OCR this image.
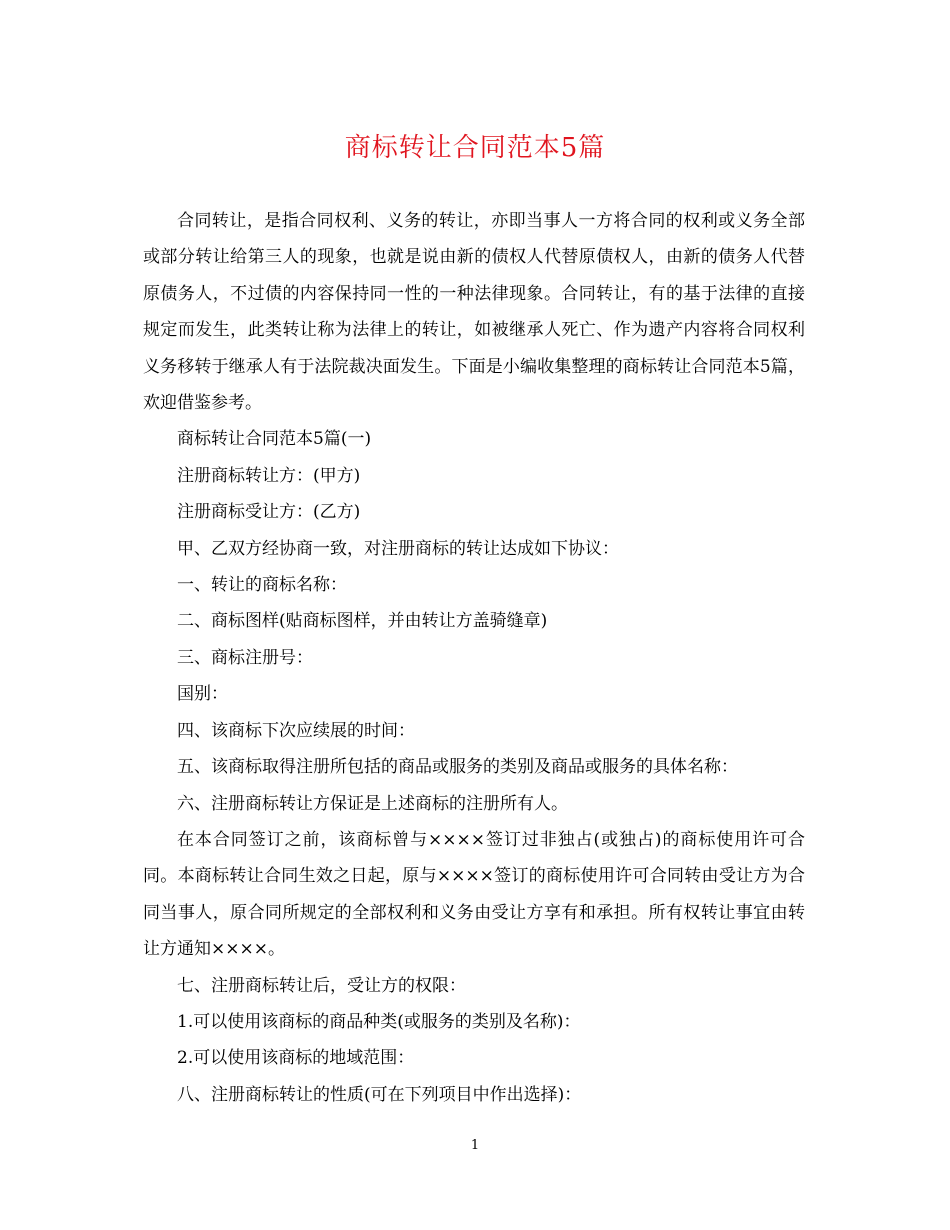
商标转让合同范本5篇

合同转让，是指合同权利、义务的转让，亦即当事人一方将合同的权利或义务全部或部分转让给第三人的现象，也就是说由新的债权人代替原债权人，由新的债务人代替原债务人，不过债的内容保持同一性的一种法律现象。合同转让，有的基于法律的直接规定而发生，此类转让称为法律上的转让，如被继承人死亡、作为遗产内容将合同权利义务移转于继承人有于法院裁决面发生。下面是小编收集整理的商标转让合同范本5篇，欢迎借鉴参考。

商标转让合同范本5篇(一)

注册商标转让方：(甲方)

注册商标受让方：(乙方)

甲、乙双方经协商一致，对注册商标的转让达成如下协议：

一、转让的商标名称：

二、商标图样(贴商标图样，并由转让方盖骑缝章)

三、商标注册号：

国别：

四、该商标下次应续展的时间：

五、该商标取得注册所包括的商品或服务的类别及商品或服务的具体名称：

六、注册商标转让方保证是上述商标的注册所有人。

在本合同签订之前，该商标曾与××××签订过非独占(或独占)的商标使用许可合同。本商标转让合同生效之日起，原与××××签订的商标使用许可合同转由受让方为合同当事人，原合同所规定的全部权利和义务由受让方享有和承担。所有权转让事宜由转让方通知××××。

七、注册商标转让后，受让方的权限：

1.可以使用该商标的商品种类(或服务的类别及名称)：

2.可以使用该商标的地域范围：

八、注册商标转让的性质(可在下列项目中作出选择)：

1
